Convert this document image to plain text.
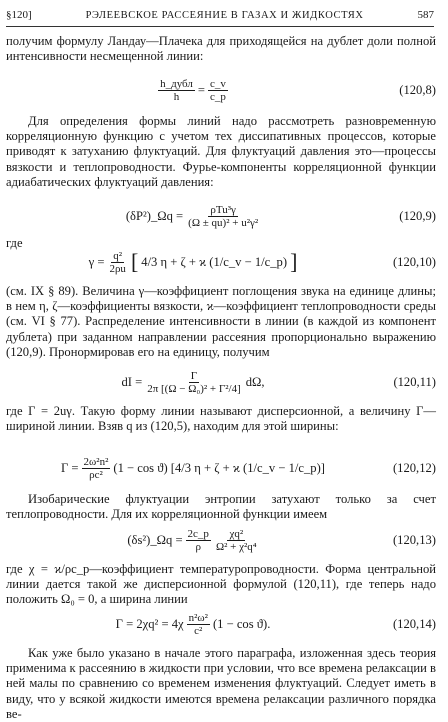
§120]	РЭЛЕЕВСКОЕ РАССЕЯНИЕ В ГАЗАХ И ЖИДКОСТЯХ	587

получим формулу Ландау—Плачека для приходящейся на дублет доли полной интенсивности несмещенной линии:

$\frac{\text{h\_дубл}}{h} = \frac{c\_v}{c\_p}$	(120,8)

Для определения формы линий надо рассмотреть разновременную корреляционную функцию с учетом тех диссипативных процессов, которые приводят к затуханию флуктуаций. Для флуктуаций давления это—процессы вязкости и теплопроводности. Фурье-компоненты корреляционной функции адиабатических флуктуаций давления:

(δP²)_Ωq = $\frac{\text{ρTu³γ}}{\text{(Ω ± qu)² + u²γ²}}$	(120,9)

где

$\gamma = \frac{\text{q²}}{2\rho u}$ [ 4/3 η + ζ + ϰ (1/c_v − 1/c_p) ]	(120,10)

(см. IX § 89). Величина γ—коэффициент поглощения звука на единице длины; в нем η, ζ—коэффициенты вязкости, ϰ—коэффициент теплопроводности среды (см. VI § 77). Распределение интенсивности в линии (в каждой из компонент дублета) при заданном направлении рассеяния пропорционально выражению (120,9). Пронормировав его на единицу, получим

dI = $\frac{\Gamma}{\text{2π [(Ω − Ω₀)² + Γ²/4]}} d\Omega$,	(120,11)

где Γ = 2uγ. Такую форму линии называют дисперсионной, а величину Γ—шириной линии. Взяв q из (120,5), находим для этой ширины:

$\Gamma = \frac{\text{2ω²n²}}{\text{ρc²}} (1 - \cos ϑ)$ [4/3 η + ζ + ϰ (1/c_v − 1/c_p)]	(120,12)

Изобарические флуктуации энтропии затухают только за счет теплопроводности. Для их корреляционной функции имеем

(δs²)_Ωq = $\frac{2c\_p}{\rho} \frac{\text{χq²}}{\text{Ω² + χ²q⁴}}$	(120,13)

где χ = ϰ/ρc_p—коэффициент температуропроводности. Форма центральной линии дается такой же дисперсионной формулой (120,11), где теперь надо положить Ω₀ = 0, а ширина линии

$\Gamma = 2\chi q^2 = 4\chi \frac{\text{n²ω²}}{\text{c²}} (1 - \cos ϑ)$.	(120,14)

Как уже было указано в начале этого параграфа, изложенная здесь теория применима к рассеянию в жидкости при условии, что все времена релаксации в ней малы по сравнению со временем изменения флуктуаций. Следует иметь в виду, что у всякой жидкости имеются времена релаксации различного порядка ве-
